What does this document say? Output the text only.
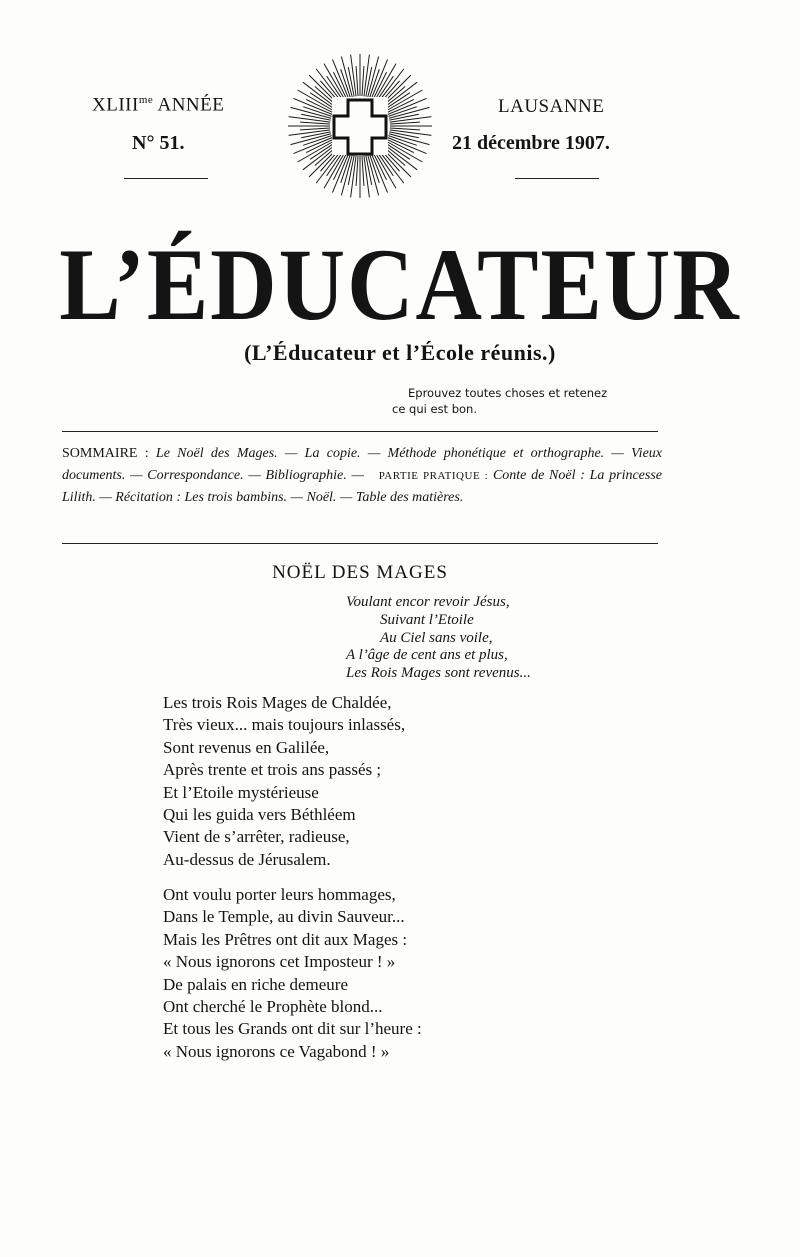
$XLIII^{me}$ ANNÉE
N° 51.
LAUSANNE
21 décembre 1907.
L’ÉDUCATEUR
(L’Éducateur et l’École réunis.)
Eprouvez toutes choses et retenez
ce qui est bon.
SOMMAIRE : Le Noël des Mages. — La copie. — Méthode phonétique et orthographe. — Vieux documents. — Correspondance. — Bibliographie. — PARTIE PRATIQUE : Conte de Noël : La princesse Lilith. — Récitation : Les trois bambins. — Noël. — Table des matières.
NOËL DES MAGES
Voulant encor revoir Jésus,
Suivant l’Etoile
Au Ciel sans voile,
A l’âge de cent ans et plus,
Les Rois Mages sont revenus...
Les trois Rois Mages de Chaldée,
Très vieux... mais toujours inlassés,
Sont revenus en Galilée,
Après trente et trois ans passés ;
Et l’Etoile mystérieuse
Qui les guida vers Béthléem
Vient de s’arrêter, radieuse,
Au-dessus de Jérusalem.
Ont voulu porter leurs hommages,
Dans le Temple, au divin Sauveur...
Mais les Prêtres ont dit aux Mages :
« Nous ignorons cet Imposteur ! »
De palais en riche demeure
Ont cherché le Prophète blond...
Et tous les Grands ont dit sur l’heure :
« Nous ignorons ce Vagabond ! »
